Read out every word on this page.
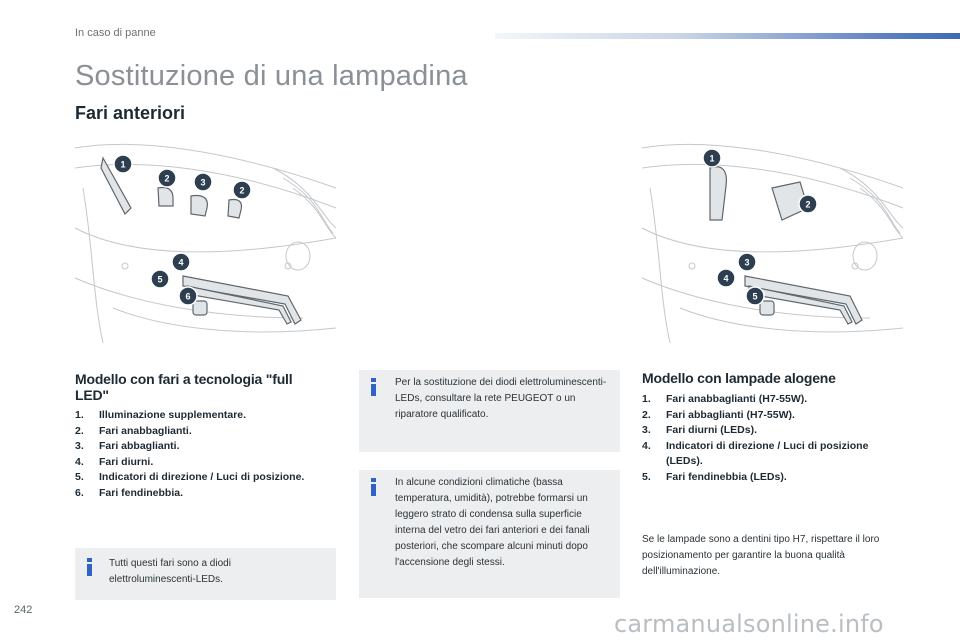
In caso di panne
Sostituzione di una lampadina
Fari anteriori
1
2	3
2
4
5
6
1
2
3
4
5
Modello con fari a tecnologia "full LED"
1. Illuminazione supplementare.
2. Fari anabbaglianti.
3. Fari abbaglianti.
4. Fari diurni.
5. Indicatori di direzione / Luci di posizione.
6. Fari fendinebbia.
Tutti questi fari sono a diodi elettroluminescenti-LEDs.
Per la sostituzione dei diodi elettroluminescenti-LEDs, consultare la rete PEUGEOT o un riparatore qualificato.
In alcune condizioni climatiche (bassa temperatura, umidità), potrebbe formarsi un leggero strato di condensa sulla superficie interna del vetro dei fari anteriori e dei fanali posteriori, che scompare alcuni minuti dopo l'accensione degli stessi.
Modello con lampade alogene
1. Fari anabbaglianti (H7-55W).
2. Fari abbaglianti (H7-55W).
3. Fari diurni (LEDs).
4. Indicatori di direzione / Luci di posizione (LEDs).
5. Fari fendinebbia (LEDs).
Se le lampade sono a dentini tipo H7, rispettare il loro posizionamento per garantire la buona qualità dell'illuminazione.
242	carmanualsonline.info
